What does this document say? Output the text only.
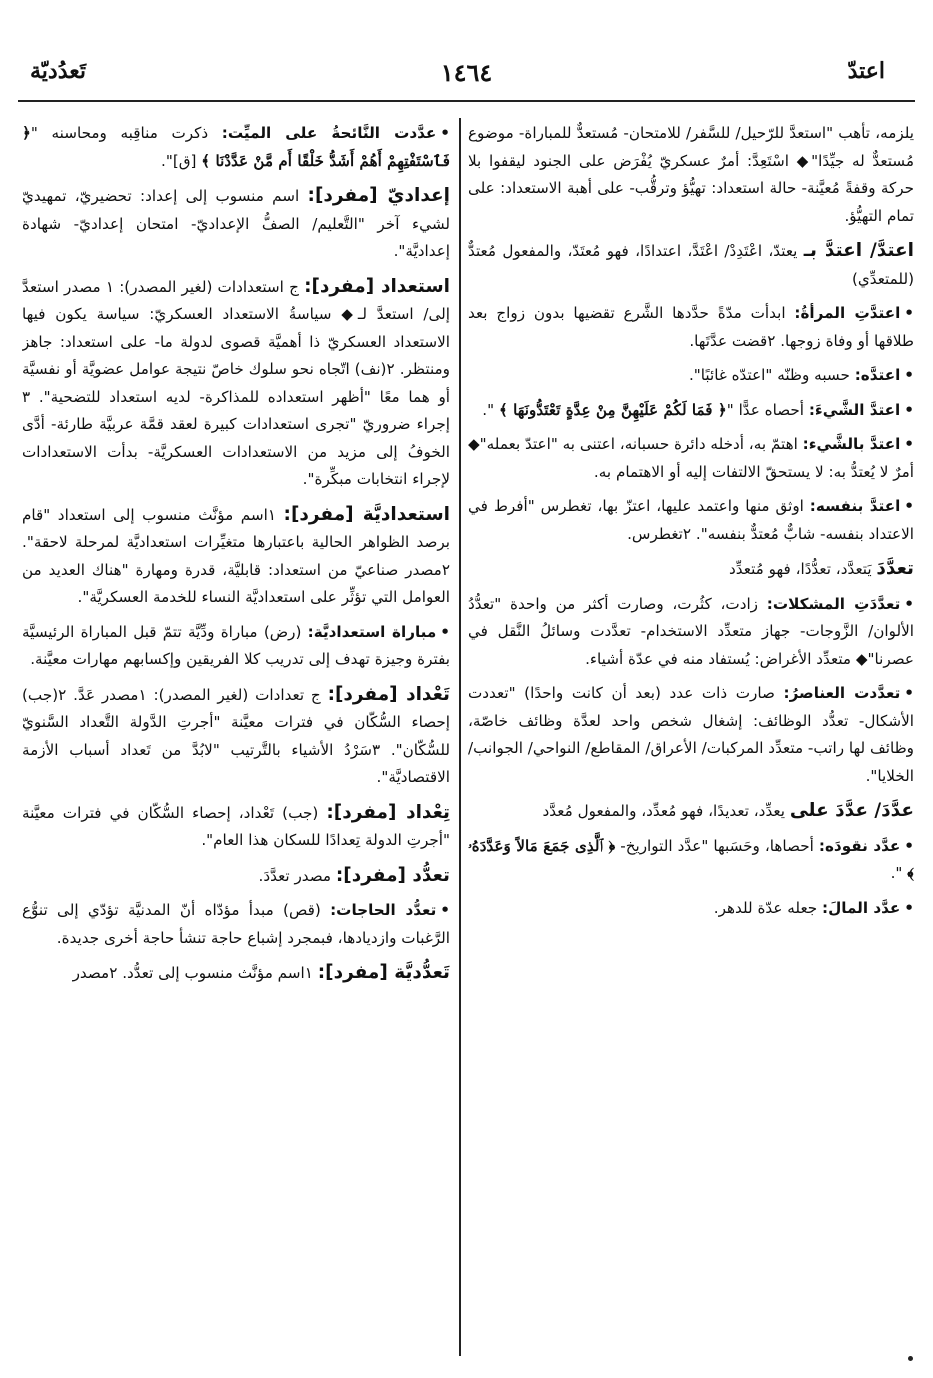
اعتدّ
١٤٦٤
تَعدُديّة

يلزمه، تأهب "استعدَّ للرّحيل/ للسَّفر/ للامتحان- مُستعدٌّ للمباراة- موضوع مُستعدٌّ له جيِّدًا"◆ اسْتَعِدَّ: أمرٌ عسكريّ يُفْرَض على الجنود ليقفوا بلا حركة وقفةً مُعيَّنة- حالة استعداد: تهيُّؤ وترقُّب- على أهبة الاستعداد: على تمام التهيُّؤ.

اعتدَّ/ اعتدَّ بـ يعتدّ، اعْتَدِدْ/ اعْتَدَّ، اعتدادًا، فهو مُعتَدّ، والمفعول مُعتدٌّ (للمتعدِّي)

•اعتدَّتِ المرأةُ: ابدأت مدّةً حدَّدها الشَّرع تقضيها بدون زواج بعد طلاقها أو وفاة زوجها. ٢قضت عدَّتَها.

•اعتدَّه: حسبه وظنّه "اعتدّه غائبًا".

•اعتدَّ الشَّيءَ: أحصاه عدًّا "﴿ فَمَا لَكُمْ عَلَيْهِنَّ مِنْ عِدَّةٍ تَعْتَدُّونَهَا ﴾ ".

•اعتدَّ بالشَّيء: اهتمّ به، أدخله دائرة حسبانه، اعتنى به "اعتدّ بعمله"◆ أمرٌ لا يُعتدُّ به: لا يستحقّ الالتفات إليه أو الاهتمام به.

•اعتدَّ بنفسه: اوثق منها واعتمد عليها، اعتزّ بها، تغطرس "أفرط في الاعتداد بنفسه- شابٌّ مُعتدٌّ بنفسه". ٢تغطرس.

تعدَّدَ يَتعدَّد، تعدُّدًا، فهو مُتعدِّد

•تعدَّدَتِ المشكلات: زادت، كثُرت، وصارت أكثر من واحدة "تعدُّدُ الألوان/ الزَّوجات- جهاز متعدِّد الاستخدام- تعدَّدت وسائلُ النَّقل في عصرنا"◆ متعدِّد الأغراض: يُستفاد منه في عدّة أشياء.

•تعدَّدت العناصرُ: صارت ذات عدد (بعد أن كانت واحدًا) "تعددت الأشكال- تعدُّد الوظائف: إشغال شخص واحد لعدَّة وظائف خاصّة، وظائف لها راتب- متعدِّد المركبات/ الأعراق/ المقاطع/ النواحي/ الجوانب/ الخلايا".

عدَّدَ/ عدَّدَ على يعدِّد، تعديدًا، فهو مُعدِّد، والمفعول مُعدَّد

•عدَّد نقودَه: أحصاها، وحَسَبها "عدَّد التواريخ- ﴿ ٱلَّذِى جَمَعَ مَالاً وَعَدَّدَهُۥ ﴾ ".

•عدَّد المالَ: جعله عدّة للدهر.

•عدَّدت النَّائحةُ على الميِّت: ذكرت مناقِبه ومحاسنه "﴿ فَٱسْتَفْتِهِمْ أَهُمْ أَشَدُّ خَلْقًا أَم مَّنْ عَدَّدْنَا ﴾ [ق]".

إعداديّ [مفرد]: اسم منسوب إلى إعداد: تحضيريّ، تمهيديّ لشيء آخر "التَّعليم/ الصفُّ الإعداديّ- امتحان إعداديّ- شهادة إعداديَّة".

استعداد [مفرد]: ج استعدادات (لغير المصدر): ١ مصدر استعدَّ إلى/ استعدَّ لـ◆ سياسةُ الاستعداد العسكريّ: سياسة يكون فيها الاستعداد العسكريّ ذا أهميَّة قصوى لدولة ما- على استعداد: جاهز ومنتظر. ٢(نف) اتّجاه نحو سلوك خاصّ نتيجة عوامل عضويَّة أو نفسيَّة أو هما معًا "أظهر استعداده للمذاكرة- لديه استعداد للتضحية". ٣ إجراء ضروريّ "تجرى استعدادات كبيرة لعقد قمَّة عربيَّة طارئة- أدَّى الخوفُ إلى مزيد من الاستعدادات العسكريَّة- بدأت الاستعدادات لإجراء انتخابات مبكِّرة".

استعداديَّة [مفرد]: ١اسم مؤنَّث منسوب إلى استعداد "قام برصد الظواهر الحالية باعتبارها متغيِّرات استعداديَّة لمرحلة لاحقة". ٢مصدر صناعيّ من استعداد: قابليَّة، قدرة ومهارة "هناك العديد من العوامل التي تؤثِّر على استعداديَّة النساء للخدمة العسكريَّة".

•مباراة استعداديَّة: (رض) مباراة ودِّيَّة تتمّ قبل المباراة الرئيسيَّة بفترة وجيزة تهدف إلى تدريب كلا الفريقين وإكسابهم مهارات معيَّنة.

تَعْداد [مفرد]: ج تعدادات (لغير المصدر): ١مصدر عَدَّ. ٢(جب) إحصاء السُّكّان في فترات معيَّنة "أجرتِ الدَّولة التَّعداد السَّنويّ للسُّكّان". ٣سَرْدُ الأشياء بالتَّرتيب "لابُدَّ من تَعداد أسباب الأزمة الاقتصاديَّة".

تِعْداد [مفرد]: (جب) تَعْداد، إحصاء السُّكّان في فترات معيَّنة "أجرتِ الدولة تِعدادًا للسكان هذا العام".

تعدُّد [مفرد]: مصدر تعدَّدَ.

•تعدُّد الحاجات: (قص) مبدأ مؤدّاه أنّ المدنيَّة تؤدّي إلى تنوُّع الرَّغبات وازديادها، فبمجرد إشباع حاجة تنشأ حاجة أخرى جديدة.

تَعدُّديَّة [مفرد]: ١اسم مؤنَّث منسوب إلى تعدُّد. ٢مصدر
